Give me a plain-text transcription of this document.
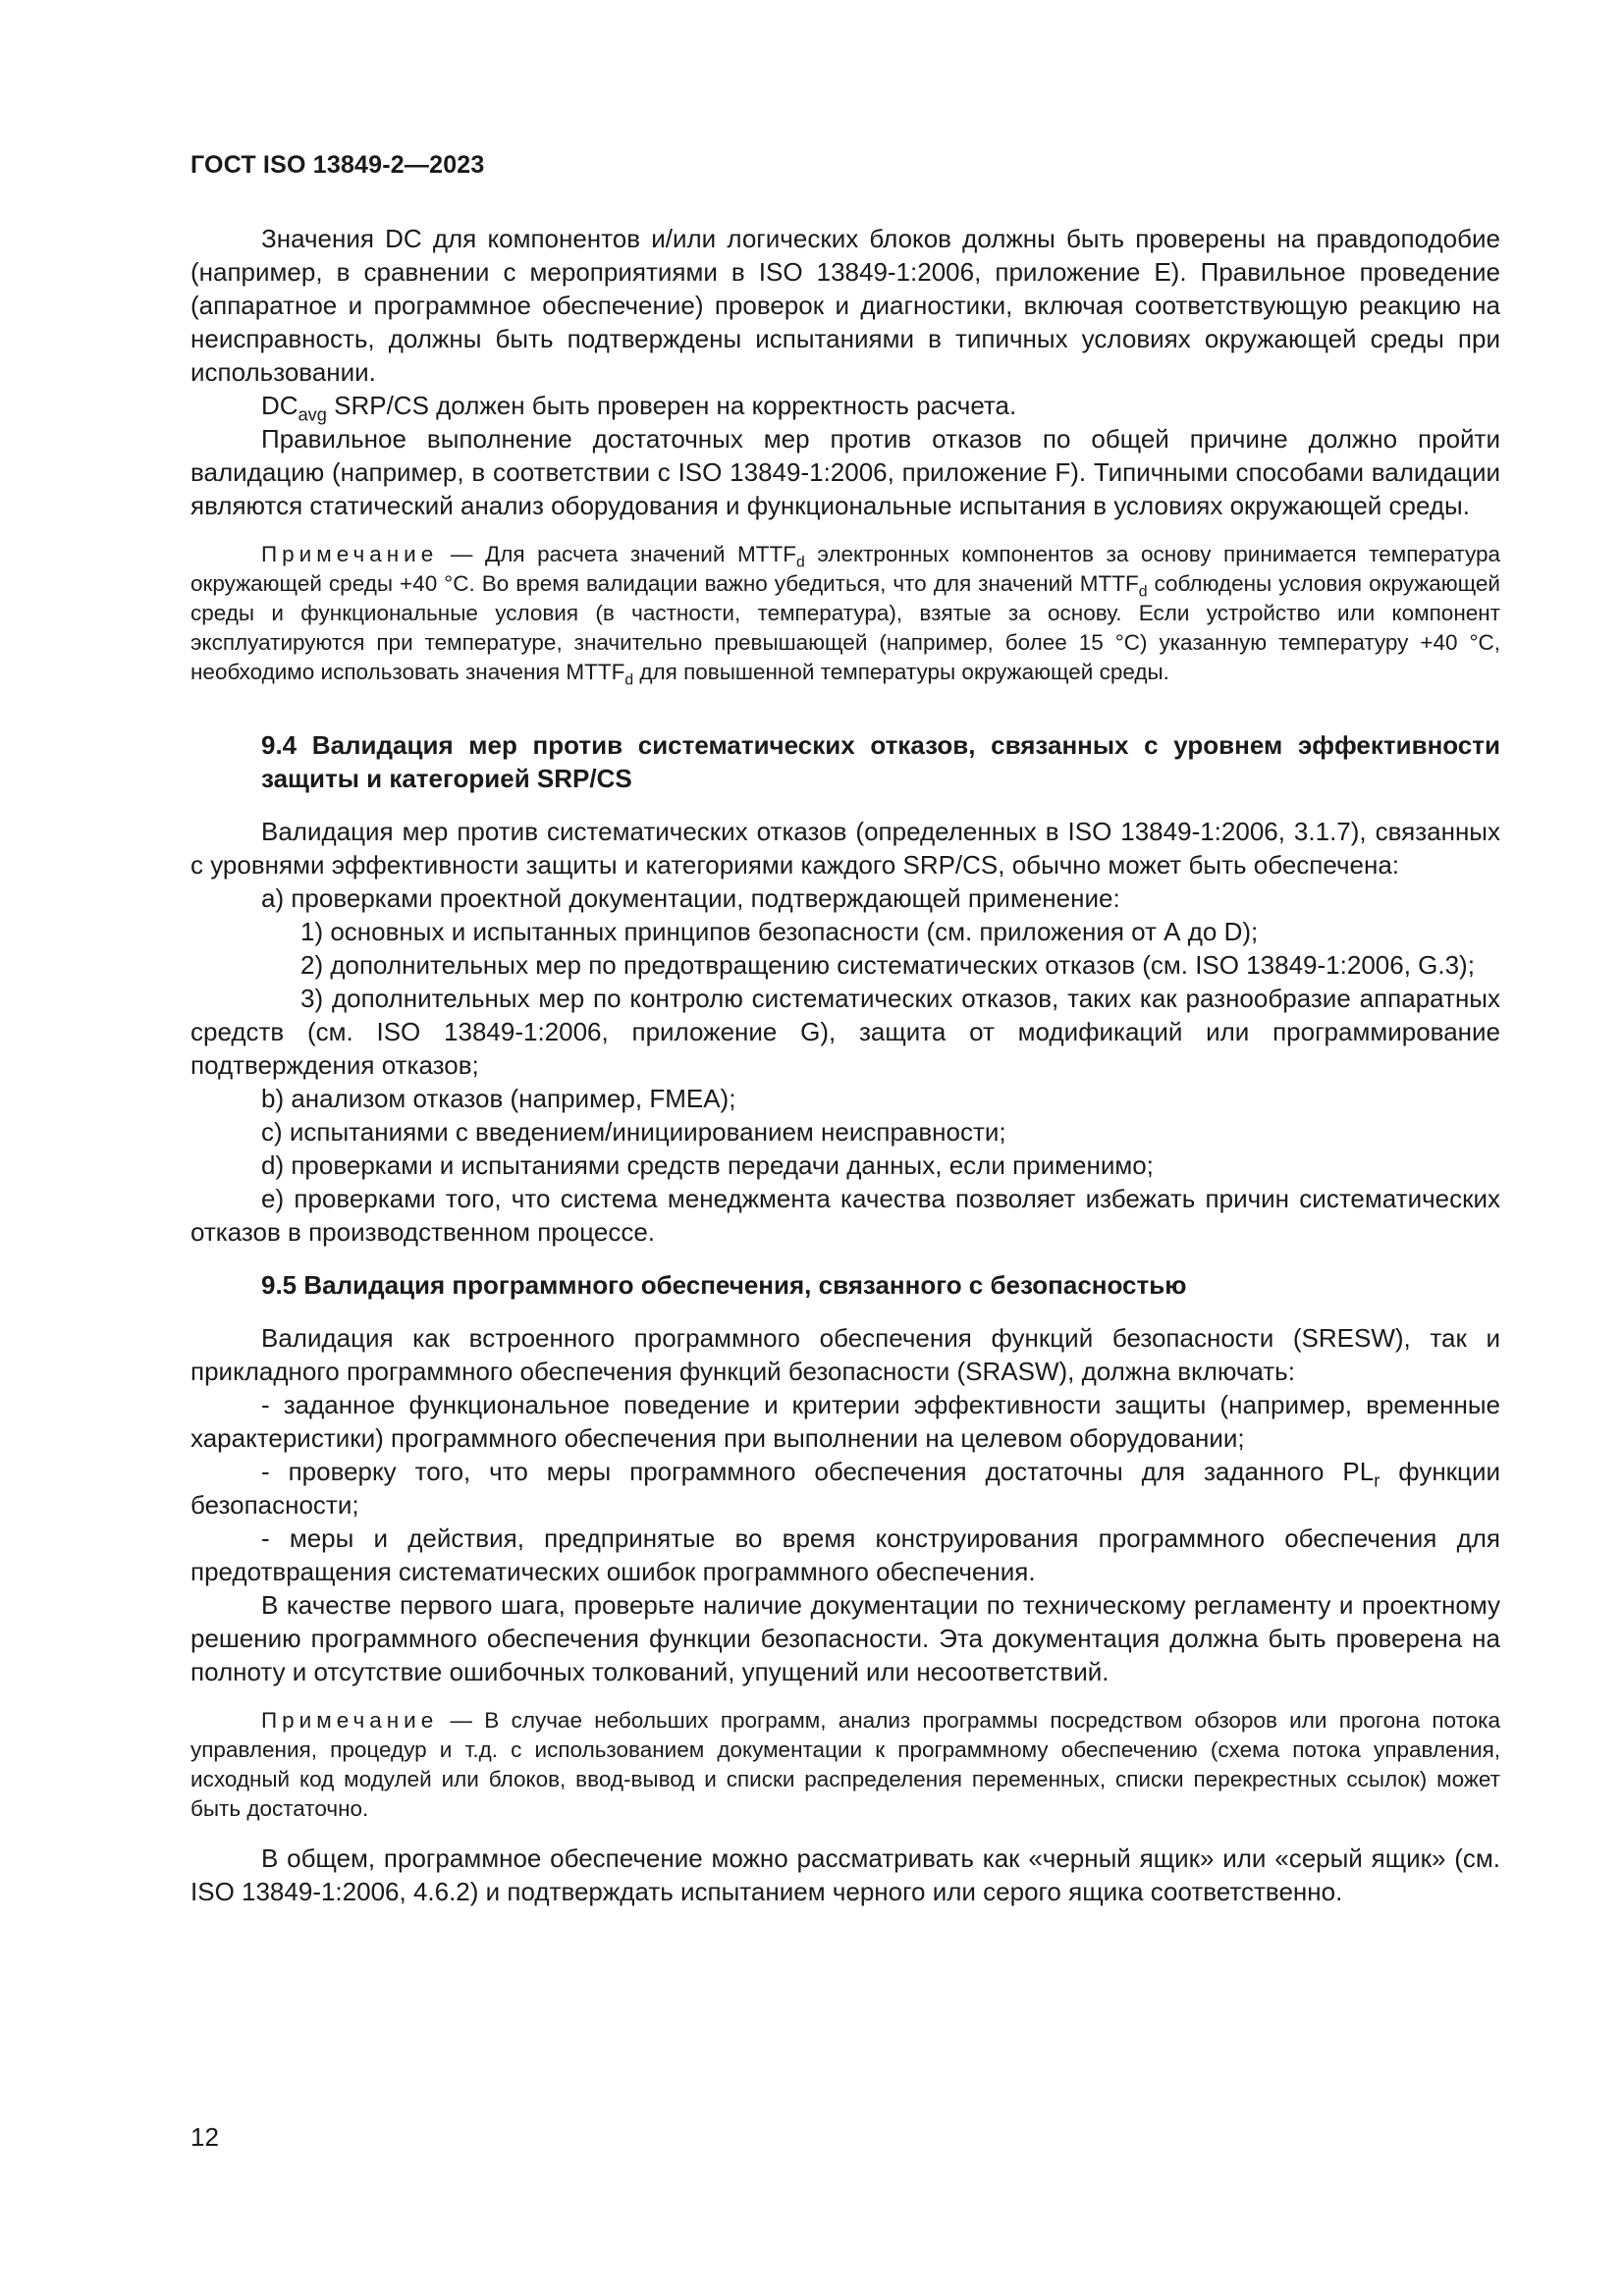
ГОСТ ISO 13849-2—2023

Значения DC для компонентов и/или логических блоков должны быть проверены на правдоподобие (например, в сравнении с мероприятиями в ISO 13849-1:2006, приложение Е). Правильное проведение (аппаратное и программное обеспечение) проверок и диагностики, включая соответствующую реакцию на неисправность, должны быть подтверждены испытаниями в типичных условиях окружающей среды при использовании.

$DC_{avg}$ SRP/CS должен быть проверен на корректность расчета.

Правильное выполнение достаточных мер против отказов по общей причине должно пройти валидацию (например, в соответствии с ISO 13849-1:2006, приложение F). Типичными способами валидации являются статический анализ оборудования и функциональные испытания в условиях окружающей среды.

Примечание — Для расчета значений $MTTF_d$ электронных компонентов за основу принимается температура окружающей среды +40 °С. Во время валидации важно убедиться, что для значений $MTTF_d$ соблюдены условия окружающей среды и функциональные условия (в частности, температура), взятые за основу. Если устройство или компонент эксплуатируются при температуре, значительно превышающей (например, более 15 °С) указанную температуру +40 °С, необходимо использовать значения $MTTF_d$ для повышенной температуры окружающей среды.

9.4 Валидация мер против систематических отказов, связанных с уровнем эффективности защиты и категорией SRP/CS

Валидация мер против систематических отказов (определенных в ISO 13849-1:2006, 3.1.7), связанных с уровнями эффективности защиты и категориями каждого SRP/CS, обычно может быть обеспечена:

а) проверками проектной документации, подтверждающей применение:

1) основных и испытанных принципов безопасности (см. приложения от А до D);

2) дополнительных мер по предотвращению систематических отказов (см. ISO 13849-1:2006, G.3);

3) дополнительных мер по контролю систематических отказов, таких как разнообразие аппаратных средств (см. ISO 13849-1:2006, приложение G), защита от модификаций или программирование подтверждения отказов;

b) анализом отказов (например, FMEA);

c) испытаниями с введением/инициированием неисправности;

d) проверками и испытаниями средств передачи данных, если применимо;

е) проверками того, что система менеджмента качества позволяет избежать причин систематических отказов в производственном процессе.

9.5 Валидация программного обеспечения, связанного с безопасностью

Валидация как встроенного программного обеспечения функций безопасности (SRESW), так и прикладного программного обеспечения функций безопасности (SRASW), должна включать:

- заданное функциональное поведение и критерии эффективности защиты (например, временные характеристики) программного обеспечения при выполнении на целевом оборудовании;

- проверку того, что меры программного обеспечения достаточны для заданного $PL_r$ функции безопасности;

- меры и действия, предпринятые во время конструирования программного обеспечения для предотвращения систематических ошибок программного обеспечения.

В качестве первого шага, проверьте наличие документации по техническому регламенту и проектному решению программного обеспечения функции безопасности. Эта документация должна быть проверена на полноту и отсутствие ошибочных толкований, упущений или несоответствий.

Примечание — В случае небольших программ, анализ программы посредством обзоров или прогона потока управления, процедур и т.д. с использованием документации к программному обеспечению (схема потока управления, исходный код модулей или блоков, ввод-вывод и списки распределения переменных, списки перекрестных ссылок) может быть достаточно.

В общем, программное обеспечение можно рассматривать как «черный ящик» или «серый ящик» (см. ISO 13849-1:2006, 4.6.2) и подтверждать испытанием черного или серого ящика соответственно.

12
